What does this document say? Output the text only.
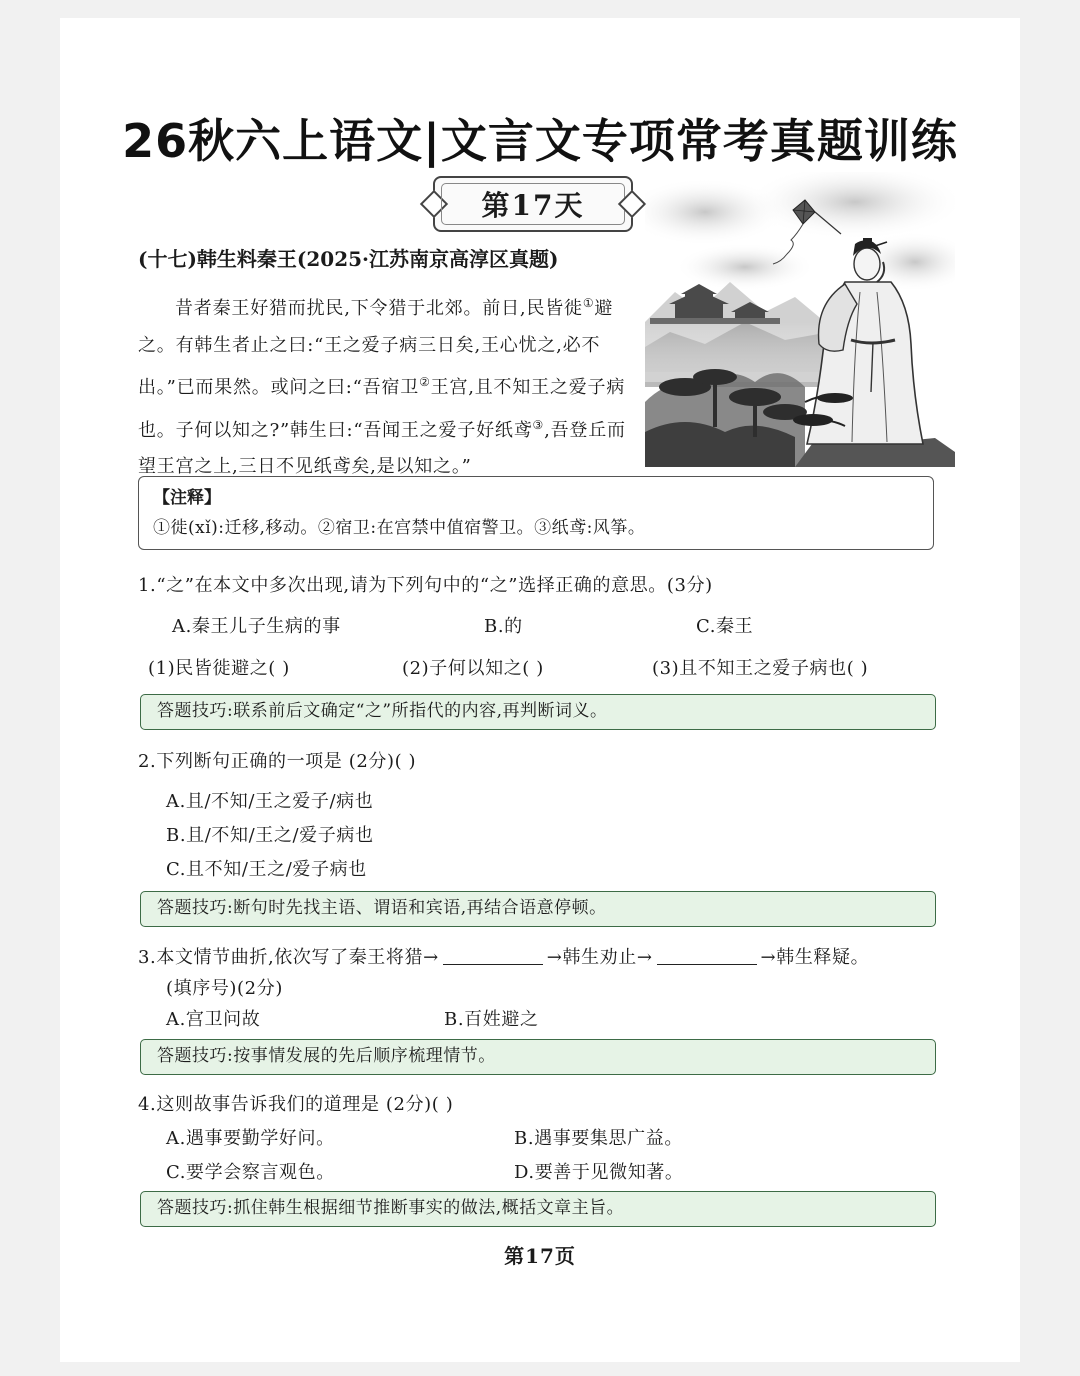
26秋六上语文|文言文专项常考真题训练
第17天
(十七)韩生料秦王(2025·江苏南京高淳区真题)
昔者秦王好猎而扰民,下令猎于北郊。前日,民皆徙①避之。有韩生者止之曰:“王之爱子病三日矣,王心忧之,必不出。”已而果然。或问之曰:“吾宿卫②王宫,且不知王之爱子病也。子何以知之?”韩生曰:“吾闻王之爱子好纸鸢③,吾登丘而望王宫之上,三日不见纸鸢矣,是以知之。”
【注释】
①徙(xǐ):迁移,移动。②宿卫:在宫禁中值宿警卫。③纸鸢:风筝。
1.“之”在本文中多次出现,请为下列句中的“之”选择正确的意思。(3分)
A.秦王儿子生病的事	B.的	C.秦王
(1)民皆徙避之( )	(2)子何以知之( )	(3)且不知王之爱子病也( )
答题技巧:联系前后文确定“之”所指代的内容,再判断词义。
2.下列断句正确的一项是 (2分)( )
A.且/不知/王之爱子/病也
B.且/不知/王之/爱子病也
C.且不知/王之/爱子病也
答题技巧:断句时先找主语、谓语和宾语,再结合语意停顿。
3.本文情节曲折,依次写了秦王将猎→	→韩生劝止→	→韩生释疑。
(填序号)(2分)
A.宫卫问故	B.百姓避之
答题技巧:按事情发展的先后顺序梳理情节。
4.这则故事告诉我们的道理是 (2分)( )
A.遇事要勤学好问。	B.遇事要集思广益。
C.要学会察言观色。	D.要善于见微知著。
答题技巧:抓住韩生根据细节推断事实的做法,概括文章主旨。
第17页
